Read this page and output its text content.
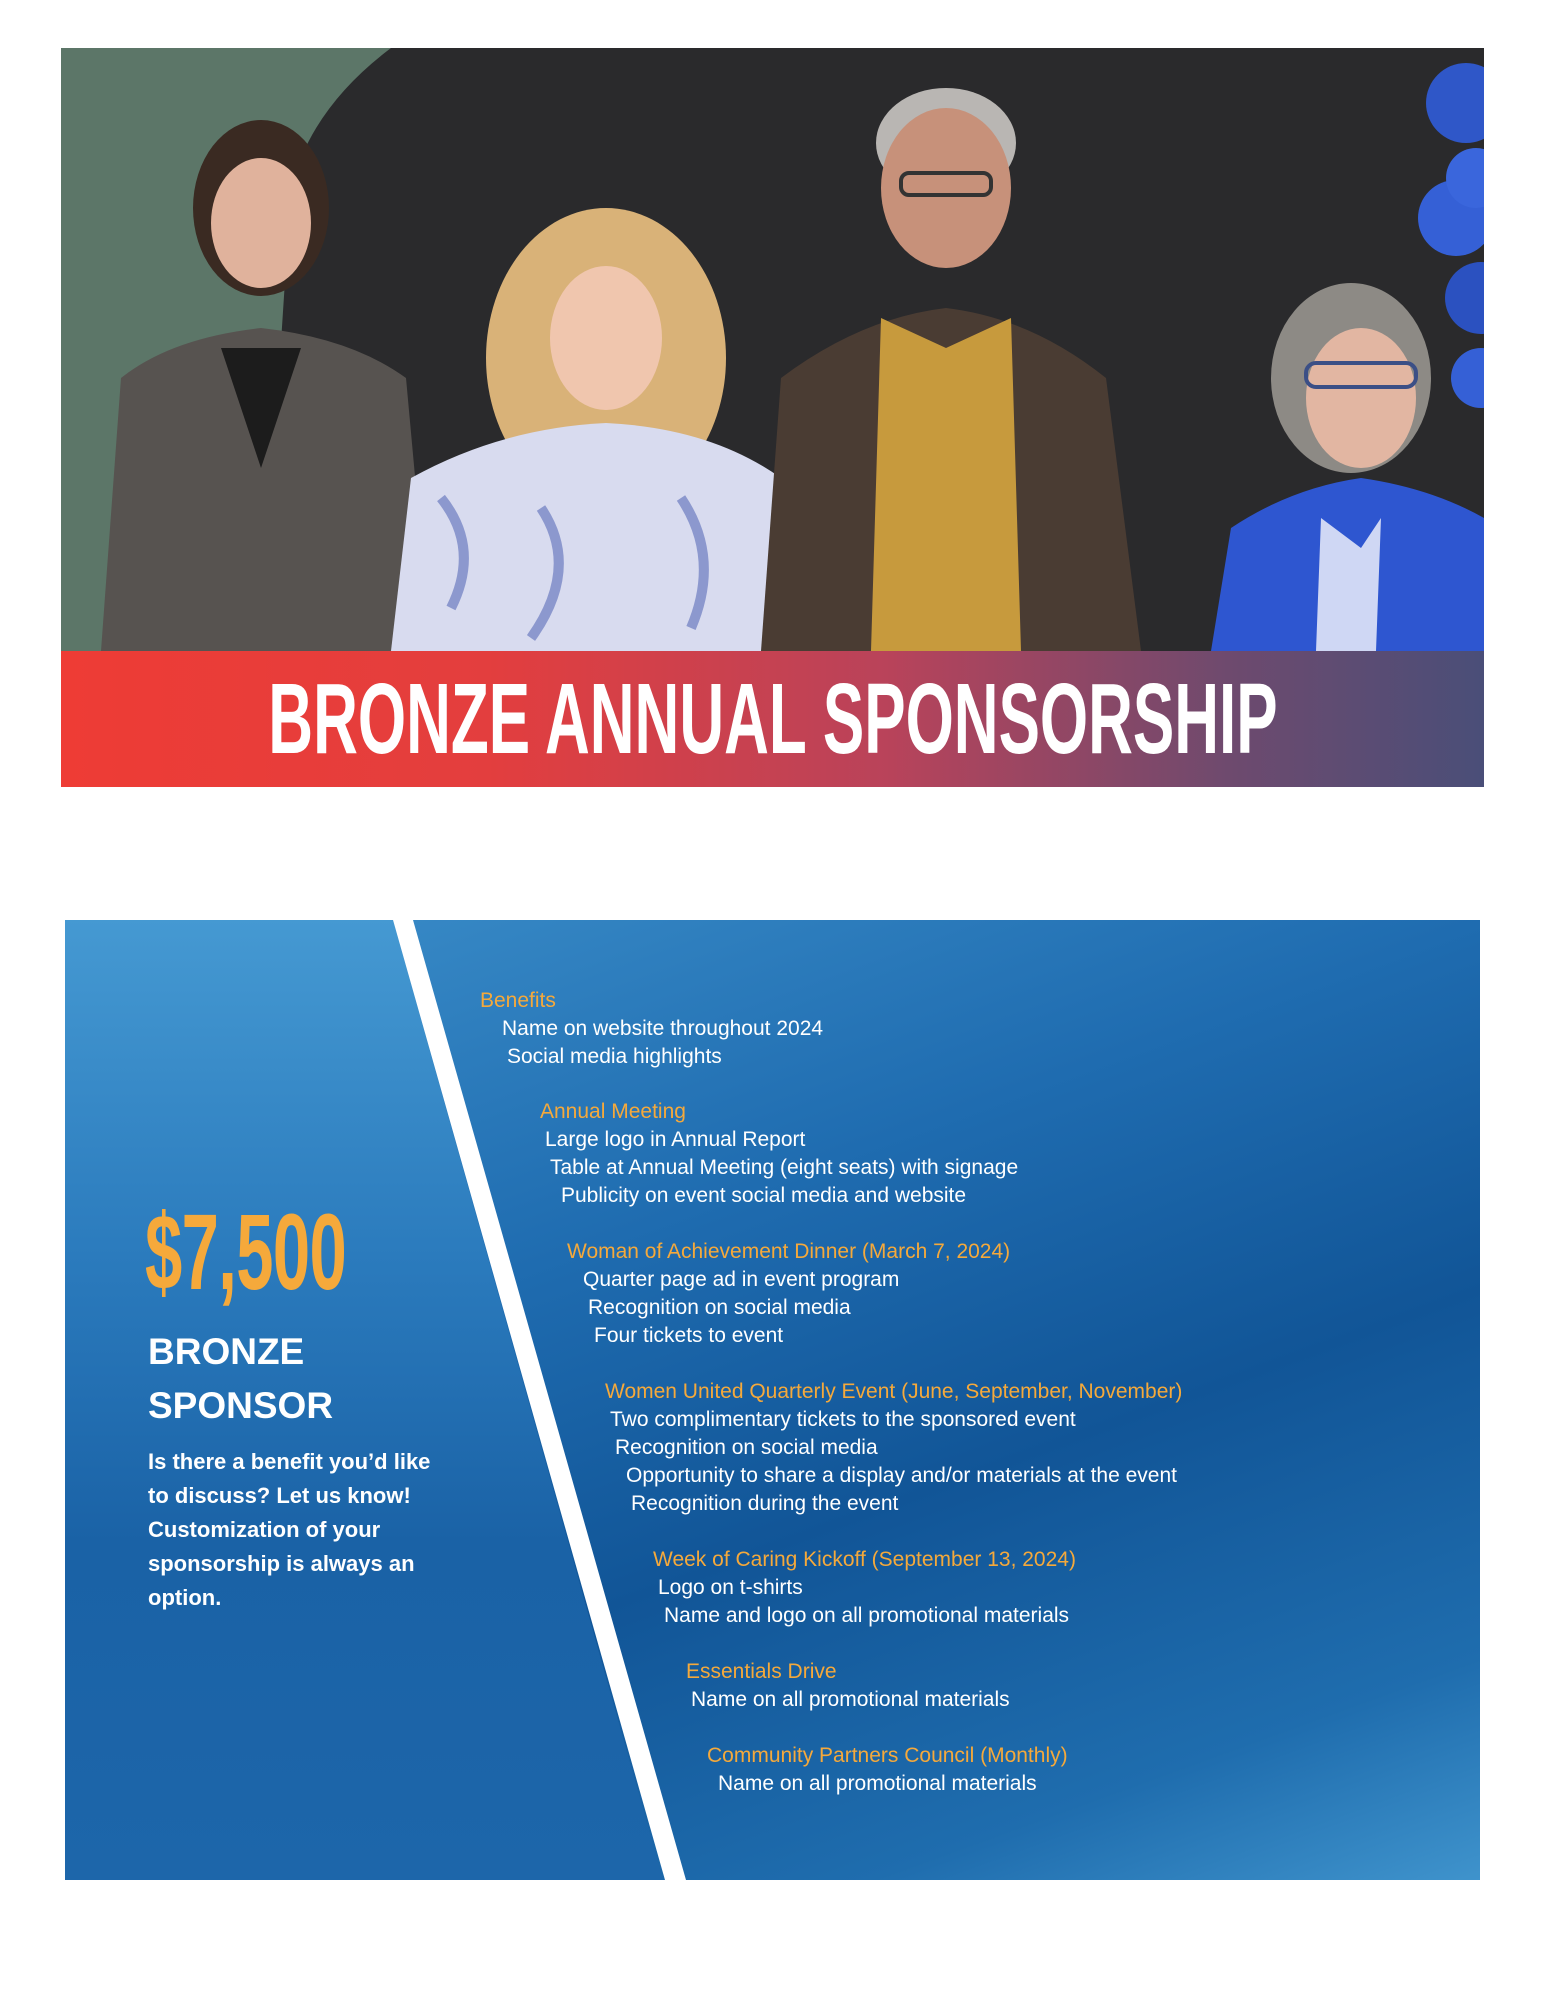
BRONZE ANNUAL SPONSORSHIP
$7,500
BRONZE
SPONSOR
Is there a benefit you’d like to discuss? Let us know! Customization of your sponsorship is always an option.
Benefits
Name on website throughout 2024
Social media highlights
Annual Meeting
Large logo in Annual Report
Table at Annual Meeting (eight seats) with signage
Publicity on event social media and website
Woman of Achievement Dinner (March 7, 2024)
Quarter page ad in event program
Recognition on social media
Four tickets to event
Women United Quarterly Event (June, September, November)
Two complimentary tickets to the sponsored event
Recognition on social media
Opportunity to share a display and/or materials at the event
Recognition during the event
Week of Caring Kickoff (September 13, 2024)
Logo on t-shirts
Name and logo on all promotional materials
Essentials Drive
Name on all promotional materials
Community Partners Council (Monthly)
Name on all promotional materials
